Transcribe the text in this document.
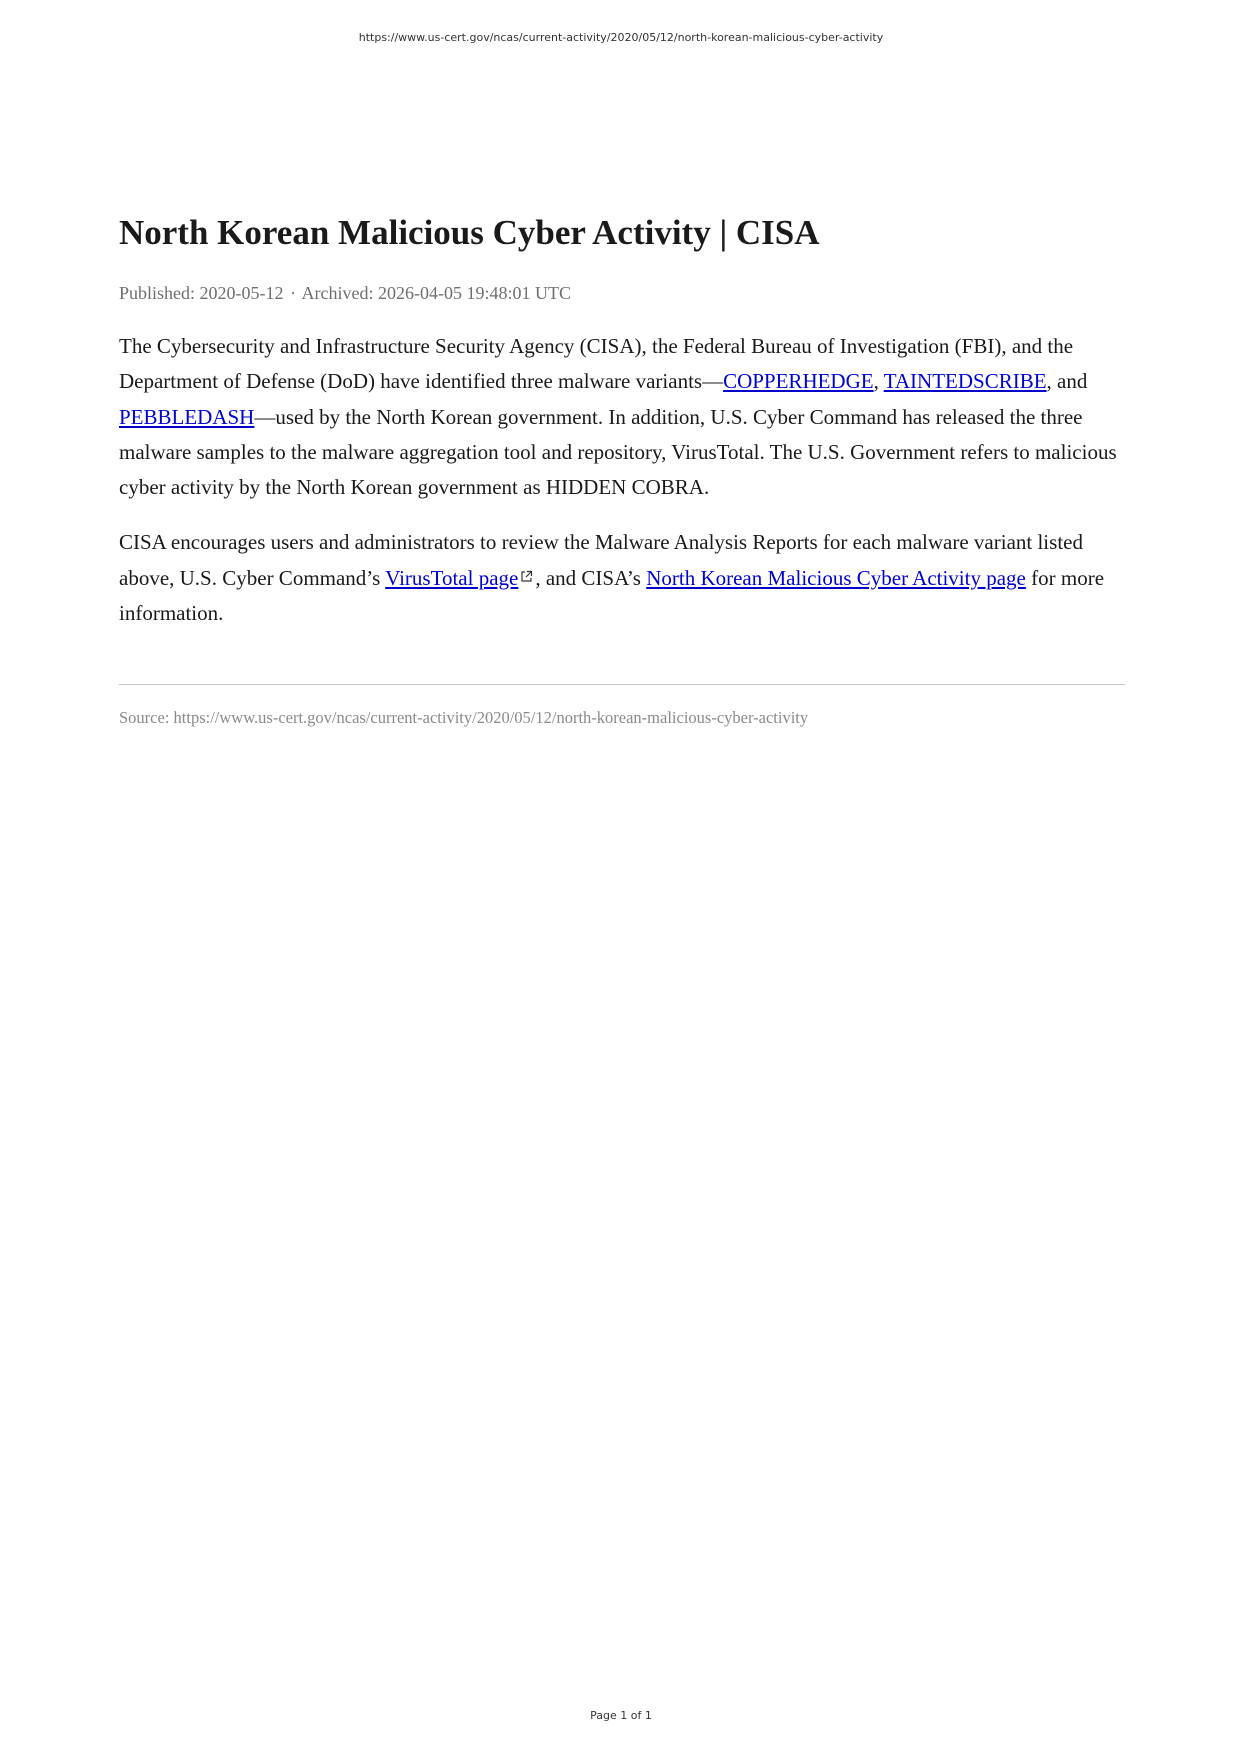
https://www.us-cert.gov/ncas/current-activity/2020/05/12/north-korean-malicious-cyber-activity
North Korean Malicious Cyber Activity | CISA
Published: 2020-05-12 · Archived: 2026-04-05 19:48:01 UTC

The Cybersecurity and Infrastructure Security Agency (CISA), the Federal Bureau of Investigation (FBI), and the Department of Defense (DoD) have identified three malware variants—COPPERHEDGE, TAINTEDSCRIBE, and PEBBLEDASH—used by the North Korean government. In addition, U.S. Cyber Command has released the three malware samples to the malware aggregation tool and repository, VirusTotal. The U.S. Government refers to malicious cyber activity by the North Korean government as HIDDEN COBRA.

CISA encourages users and administrators to review the Malware Analysis Reports for each malware variant listed above, U.S. Cyber Command’s VirusTotal page , and CISA’s North Korean Malicious Cyber Activity page for more information.

Source: https://www.us-cert.gov/ncas/current-activity/2020/05/12/north-korean-malicious-cyber-activity
Page 1 of 1
